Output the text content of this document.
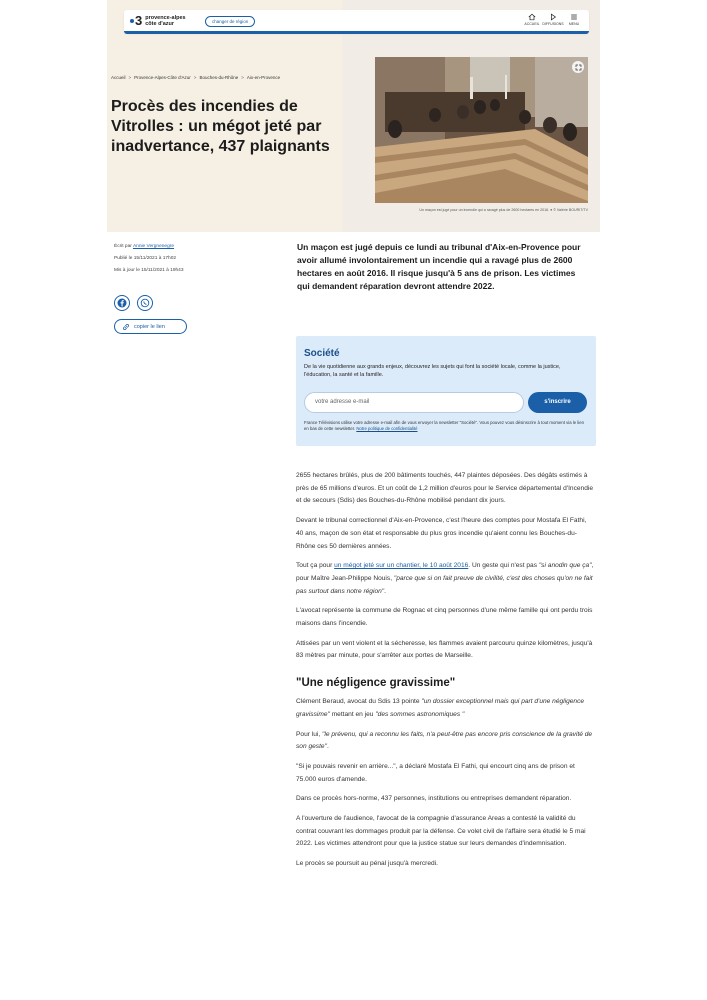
3 provence-alpes
côte d'azur	changer de région	ACCUEIL DIFFUSIONS MENU
Accueil > Provence-Alpes-Côte d'Azur > Bouches-du-Rhône > Aix-en-Provence
Procès des incendies de Vitrolles : un mégot jeté par inadvertance, 437 plaignants
Un maçon est jugé pour un incendie qui a ravagé plus de 2600 hectares en 2016. ● © Valérie BOURIT/TV
Écrit par Annie Vergnenegre
Publié le 15/11/2021 à 17h02
Mis à jour le 15/11/2021 à 19h43
copier le lien

Un maçon est jugé depuis ce lundi au tribunal d'Aix-en-Provence pour avoir allumé involontairement un incendie qui a ravagé plus de 2600 hectares en août 2016. Il risque jusqu'à 5 ans de prison. Les victimes qui demandent réparation devront attendre 2022.

Société
De la vie quotidienne aux grands enjeux, découvrez les sujets qui font la société locale, comme la justice, l'éducation, la santé et la famille.
votre adresse e-mail	s'inscrire
France Télévisions utilise votre adresse e-mail afin de vous envoyer la newsletter "Société". Vous pouvez vous désinscrire à tout moment via le lien en bas de cette newsletter. Notre politique de confidentialité

2655 hectares brûlés, plus de 200 bâtiments touchés, 447 plaintes déposées. Des dégâts estimés à près de 65 millions d'euros. Et un coût de 1,2 million d'euros pour le Service départemental d'Incendie et de secours (Sdis) des Bouches-du-Rhône mobilisé pendant dix jours.

Devant le tribunal correctionnel d'Aix-en-Provence, c'est l'heure des comptes pour Mostafa El Fathi, 40 ans, maçon de son état et responsable du plus gros incendie qu'aient connu les Bouches-du-Rhône ces 50 dernières années.

Tout ça pour un mégot jeté sur un chantier, le 10 août 2016. Un geste qui n'est pas "si anodin que ça", pour Maître Jean-Philippe Nouis, "parce que si on fait preuve de civilité, c'est des choses qu'on ne fait pas surtout dans notre région".

L'avocat représente la commune de Rognac et cinq personnes d'une même famille qui ont perdu trois maisons dans l'incendie.

Attisées par un vent violent et la sécheresse, les flammes avaient parcouru quinze kilomètres, jusqu'à 83 mètres par minute, pour s'arrêter aux portes de Marseille.

"Une négligence gravissime"

Clément Beraud, avocat du Sdis 13 pointe "un dossier exceptionnel mais qui part d'une négligence gravissime" mettant en jeu "des sommes astronomiques "

Pour lui, "le prévenu, qui a reconnu les faits, n'a peut-être pas encore pris conscience de la gravité de son geste".

"Si je pouvais revenir en arrière...", a déclaré Mostafa El Fathi, qui encourt cinq ans de prison et 75.000 euros d'amende.

Dans ce procès hors-norme, 437 personnes, institutions ou entreprises demandent réparation.

A l'ouverture de l'audience, l'avocat de la compagnie d'assurance Areas a contesté la validité du contrat couvrant les dommages produit par la défense. Ce volet civil de l'affaire sera étudié le 5 mai 2022. Les victimes attendront pour que la justice statue sur leurs demandes d'indemnisation.

Le procès se poursuit au pénal jusqu'à mercredi.
